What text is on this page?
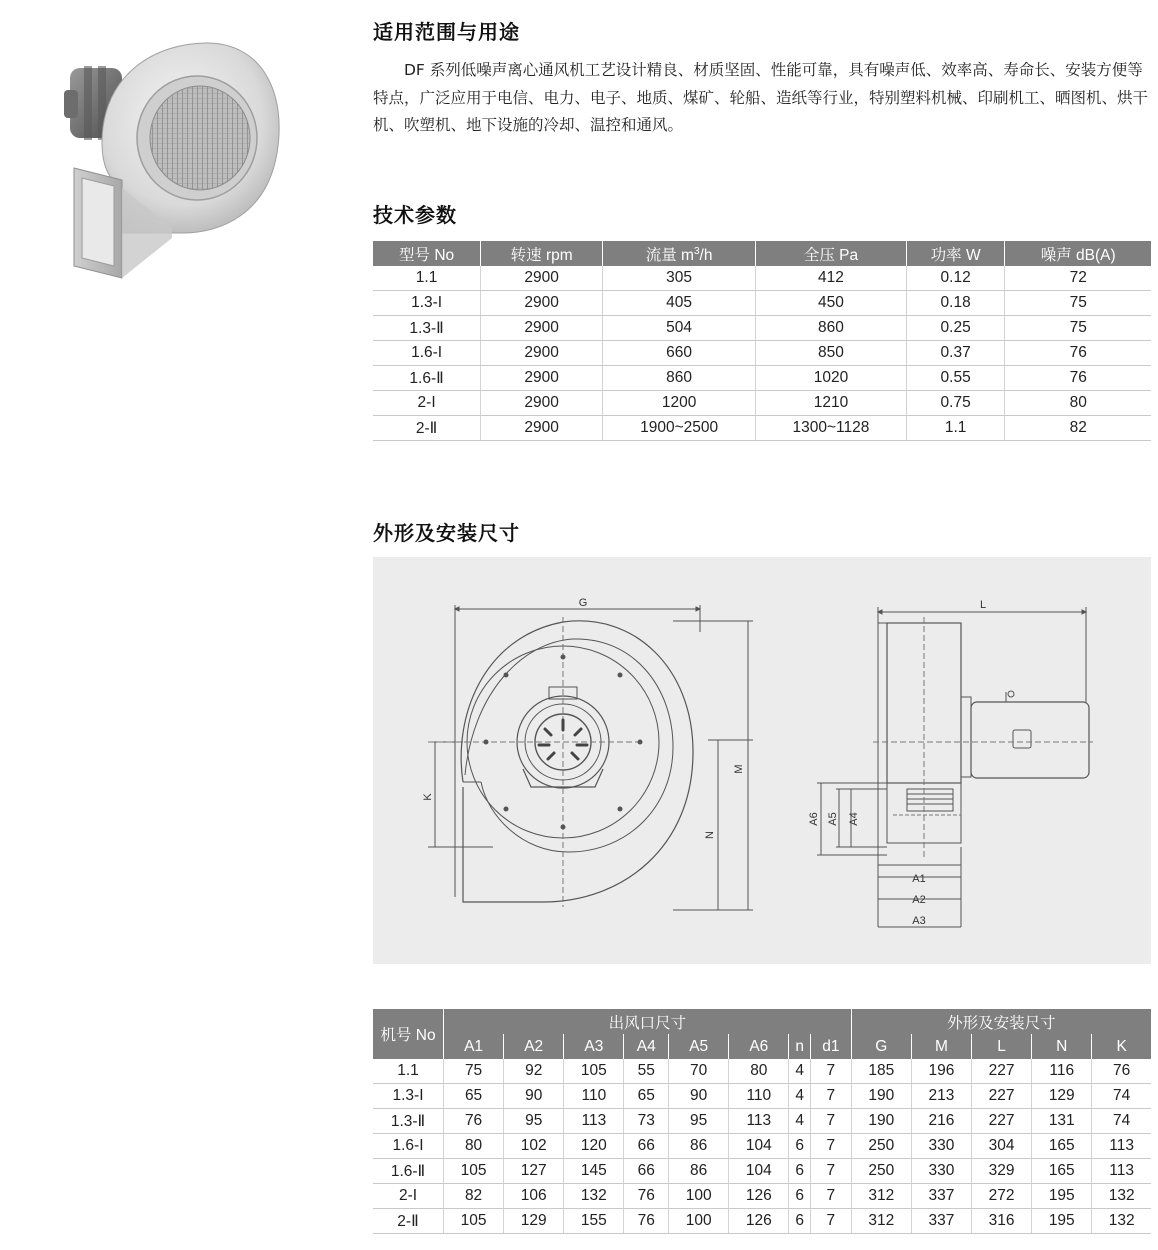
适用范围与用途
DF 系列低噪声离心通风机工艺设计精良、材质坚固、性能可靠，具有噪声低、效率高、寿命长、安装方便等特点，广泛应用于电信、电力、电子、地质、煤矿、轮船、造纸等行业，特别塑料机械、印刷机工、晒图机、烘干机、吹塑机、地下设施的冷却、温控和通风。
技术参数
型号 No	转速 rpm	流量 $m^3/h$	全压 Pa	功率 W	噪声 dB(A)
1.1	2900	305	412	0.12	72
1.3-I	2900	405	450	0.18	75
1.3-Ⅱ	2900	504	860	0.25	75
1.6-I	2900	660	850	0.37	76
1.6-Ⅱ	2900	860	1020	0.55	76
2-I	2900	1200	1210	0.75	80
2-Ⅱ	2900	1900~2500	1300~1128	1.1	82
外形及安装尺寸
G
M
N
K
L
A1
A2
A3
A4
A5
A6
机号 No	出风口尺寸								外形及安装尺寸				
	A1	A2	A3	A4	A5	A6	n	d1	G	M	L	N	K
1.1	75	92	105	55	70	80	4	7	185	196	227	116	76
1.3-I	65	90	110	65	90	110	4	7	190	213	227	129	74
1.3-Ⅱ	76	95	113	73	95	113	4	7	190	216	227	131	74
1.6-I	80	102	120	66	86	104	6	7	250	330	304	165	113
1.6-Ⅱ	105	127	145	66	86	104	6	7	250	330	329	165	113
2-I	82	106	132	76	100	126	6	7	312	337	272	195	132
2-Ⅱ	105	129	155	76	100	126	6	7	312	337	316	195	132
